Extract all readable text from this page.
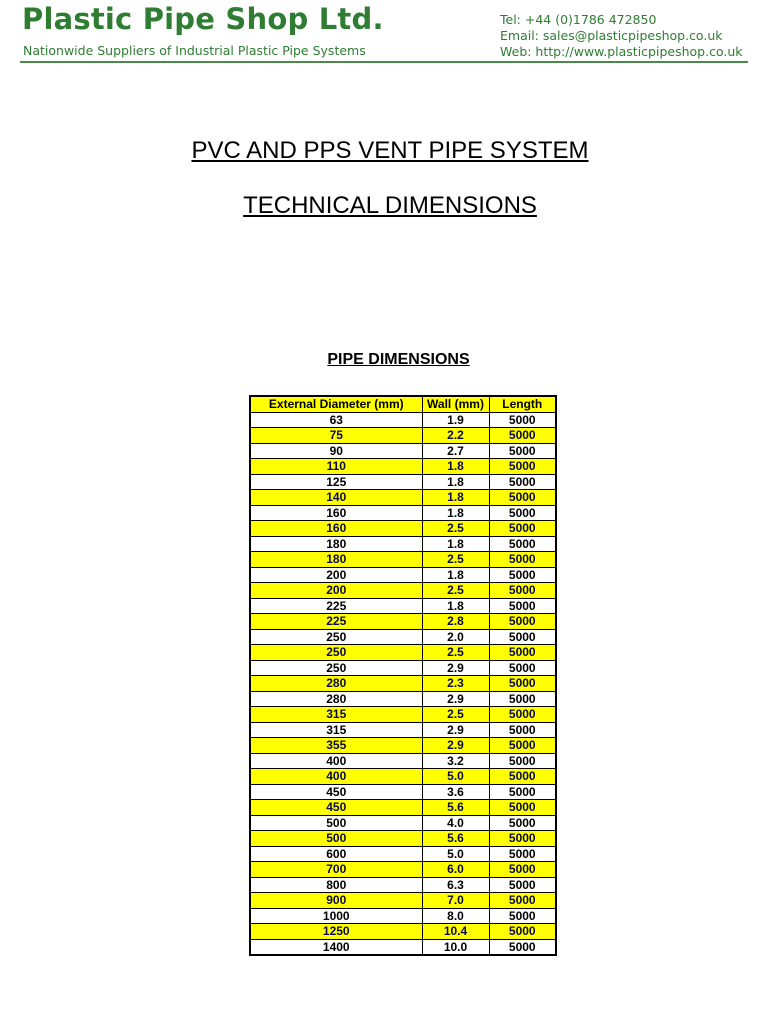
Plastic Pipe Shop Ltd.
Nationwide Suppliers of Industrial Plastic Pipe Systems
Tel: +44 (0)1786 472850
Email: sales@plasticpipeshop.co.uk
Web: http://www.plasticpipeshop.co.uk
PVC AND PPS VENT PIPE SYSTEM
TECHNICAL DIMENSIONS
PIPE DIMENSIONS
External Diameter (mm)	Wall (mm)	Length
63	1.9	5000
75	2.2	5000
90	2.7	5000
110	1.8	5000
125	1.8	5000
140	1.8	5000
160	1.8	5000
160	2.5	5000
180	1.8	5000
180	2.5	5000
200	1.8	5000
200	2.5	5000
225	1.8	5000
225	2.8	5000
250	2.0	5000
250	2.5	5000
250	2.9	5000
280	2.3	5000
280	2.9	5000
315	2.5	5000
315	2.9	5000
355	2.9	5000
400	3.2	5000
400	5.0	5000
450	3.6	5000
450	5.6	5000
500	4.0	5000
500	5.6	5000
600	5.0	5000
700	6.0	5000
800	6.3	5000
900	7.0	5000
1000	8.0	5000
1250	10.4	5000
1400	10.0	5000
